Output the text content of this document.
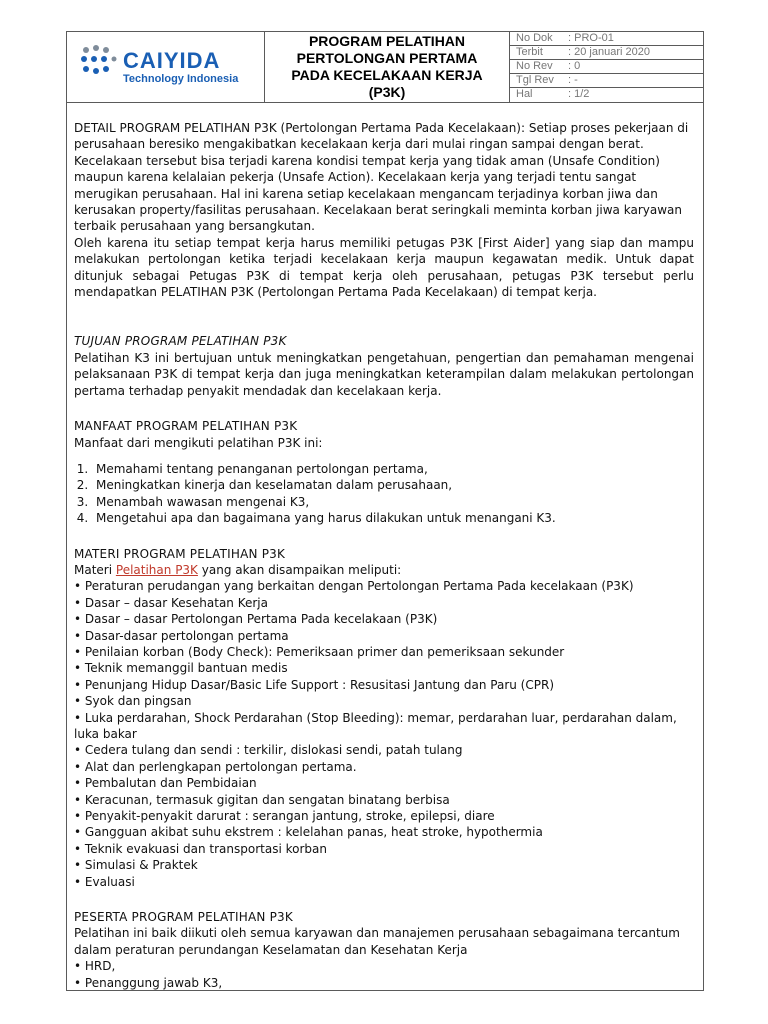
CAIYIDA
Technology Indonesia
PROGRAM PELATIHAN
PERTOLONGAN PERTAMA
PADA KECELAKAAN KERJA
(P3K)
No Dok	: PRO-01
Terbit	: 20 januari 2020
No Rev	: 0
Tgl Rev	: -
Hal	: 1/2

DETAIL PROGRAM PELATIHAN P3K (Pertolongan Pertama Pada Kecelakaan): Setiap proses pekerjaan di perusahaan beresiko mengakibatkan kecelakaan kerja dari mulai ringan sampai dengan berat. Kecelakaan tersebut bisa terjadi karena kondisi tempat kerja yang tidak aman (Unsafe Condition) maupun karena kelalaian pekerja (Unsafe Action). Kecelakaan kerja yang terjadi tentu sangat merugikan perusahaan. Hal ini karena setiap kecelakaan mengancam terjadinya korban jiwa dan kerusakan property/fasilitas perusahaan. Kecelakaan berat seringkali meminta korban jiwa karyawan terbaik perusahaan yang bersangkutan.

Oleh karena itu setiap tempat kerja harus memiliki petugas P3K [First Aider] yang siap dan mampu melakukan pertolongan ketika terjadi kecelakaan kerja maupun kegawatan medik. Untuk dapat ditunjuk sebagai Petugas P3K di tempat kerja oleh perusahaan, petugas P3K tersebut perlu mendapatkan PELATIHAN P3K (Pertolongan Pertama Pada Kecelakaan) di tempat kerja.

TUJUAN PROGRAM PELATIHAN P3K

Pelatihan K3 ini bertujuan untuk meningkatkan pengetahuan, pengertian dan pemahaman mengenai pelaksanaan P3K di tempat kerja dan juga meningkatkan keterampilan dalam melakukan pertolongan pertama terhadap penyakit mendadak dan kecelakaan kerja.

MANFAAT PROGRAM PELATIHAN P3K

Manfaat dari mengikuti pelatihan P3K ini:

1. Memahami tentang penanganan pertolongan pertama,
2. Meningkatkan kinerja dan keselamatan dalam perusahaan,
3. Menambah wawasan mengenai K3,
4. Mengetahui apa dan bagaimana yang harus dilakukan untuk menangani K3.

MATERI PROGRAM PELATIHAN P3K

Materi Pelatihan P3K yang akan disampaikan meliputi:

• Peraturan perudangan yang berkaitan dengan Pertolongan Pertama Pada kecelakaan (P3K)
• Dasar – dasar Kesehatan Kerja
• Dasar – dasar Pertolongan Pertama Pada kecelakaan (P3K)
• Dasar-dasar pertolongan pertama
• Penilaian korban (Body Check): Pemeriksaan primer dan pemeriksaan sekunder
• Teknik memanggil bantuan medis
• Penunjang Hidup Dasar/Basic Life Support : Resusitasi Jantung dan Paru (CPR)
• Syok dan pingsan
• Luka perdarahan, Shock Perdarahan (Stop Bleeding): memar, perdarahan luar, perdarahan dalam, luka bakar
• Cedera tulang dan sendi : terkilir, dislokasi sendi, patah tulang
• Alat dan perlengkapan pertolongan pertama.
• Pembalutan dan Pembidaian
• Keracunan, termasuk gigitan dan sengatan binatang berbisa
• Penyakit-penyakit darurat : serangan jantung, stroke, epilepsi, diare
• Gangguan akibat suhu ekstrem : kelelahan panas, heat stroke, hypothermia
• Teknik evakuasi dan transportasi korban
• Simulasi & Praktek
• Evaluasi

PESERTA PROGRAM PELATIHAN P3K

Pelatihan ini baik diikuti oleh semua karyawan dan manajemen perusahaan sebagaimana tercantum dalam peraturan perundangan Keselamatan dan Kesehatan Kerja

• HRD,
• Penanggung jawab K3,
